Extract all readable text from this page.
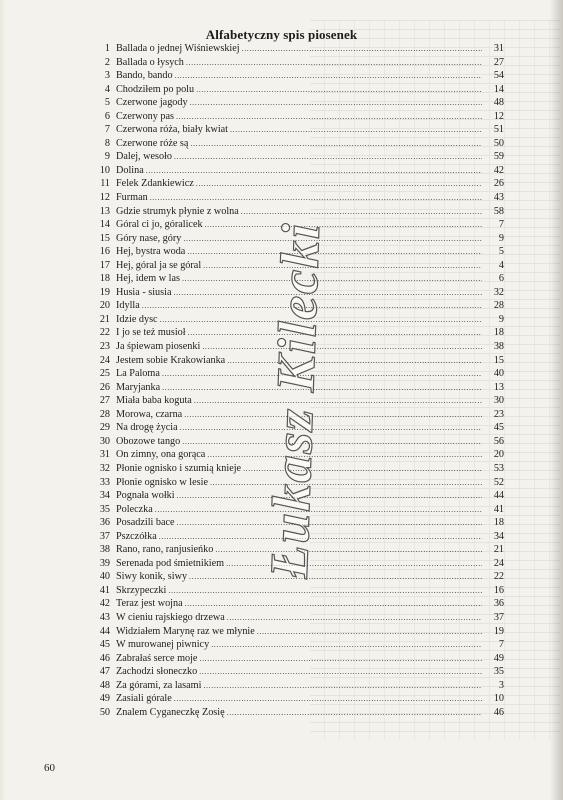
Alfabetyczny spis piosenek
1 Ballada o jednej Wiśniewskiej .....	31
2 Ballada o łysych .....	27
3 Bando, bando .....	54
4 Chodziłem po polu .....	14
5 Czerwone jagody .....	48
6 Czerwony pas .....	12
7 Czerwona róża, biały kwiat .....	51
8 Czerwone róże są .....	50
9 Dalej, wesoło .....	59
10 Dolina .....	42
11 Felek Zdankiewicz .....	26
12 Furman .....	43
13 Gdzie strumyk płynie z wolna .....	58
14 Góral ci jo, góralicek .....	7
15 Góry nase, góry .....	9
16 Hej, bystra woda .....	5
17 Hej, góral ja se góral .....	4
18 Hej, idem w las .....	6
19 Husia - siusia .....	32
20 Idylla .....	28
21 Idzie dysc .....	9
22 I jo se też musioł .....	18
23 Ja śpiewam piosenki .....	38
24 Jestem sobie Krakowianka .....	15
25 La Paloma .....	40
26 Maryjanka .....	13
27 Miała baba koguta .....	30
28 Morowa, czarna .....	23
29 Na drogę życia .....	45
30 Obozowe tango .....	56
31 On zimny, ona gorąca .....	20
32 Płonie ognisko i szumią knieje .....	53
33 Płonie ognisko w lesie .....	52
34 Pognała wołki .....	44
35 Poleczka .....	41
36 Posadzili bace .....	18
37 Pszczółka .....	34
38 Rano, rano, ranjusieńko .....	21
39 Serenada pod śmietnikiem .....	24
40 Siwy konik, siwy .....	22
41 Skrzypeczki .....	16
42 Teraz jest wojna .....	36
43 W cieniu rajskiego drzewa .....	37
44 Widziałem Marynę raz we młynie .....	19
45 W murowanej piwnicy .....	7
46 Zabrałaś serce moje .....	49
47 Zachodzi słoneczko .....	35
48 Za górami, za lasami .....	3
49 Zasiali górale .....	10
50 Znalem Cyganeczkę Zosię .....	46
Łukasz Kilecki
60
